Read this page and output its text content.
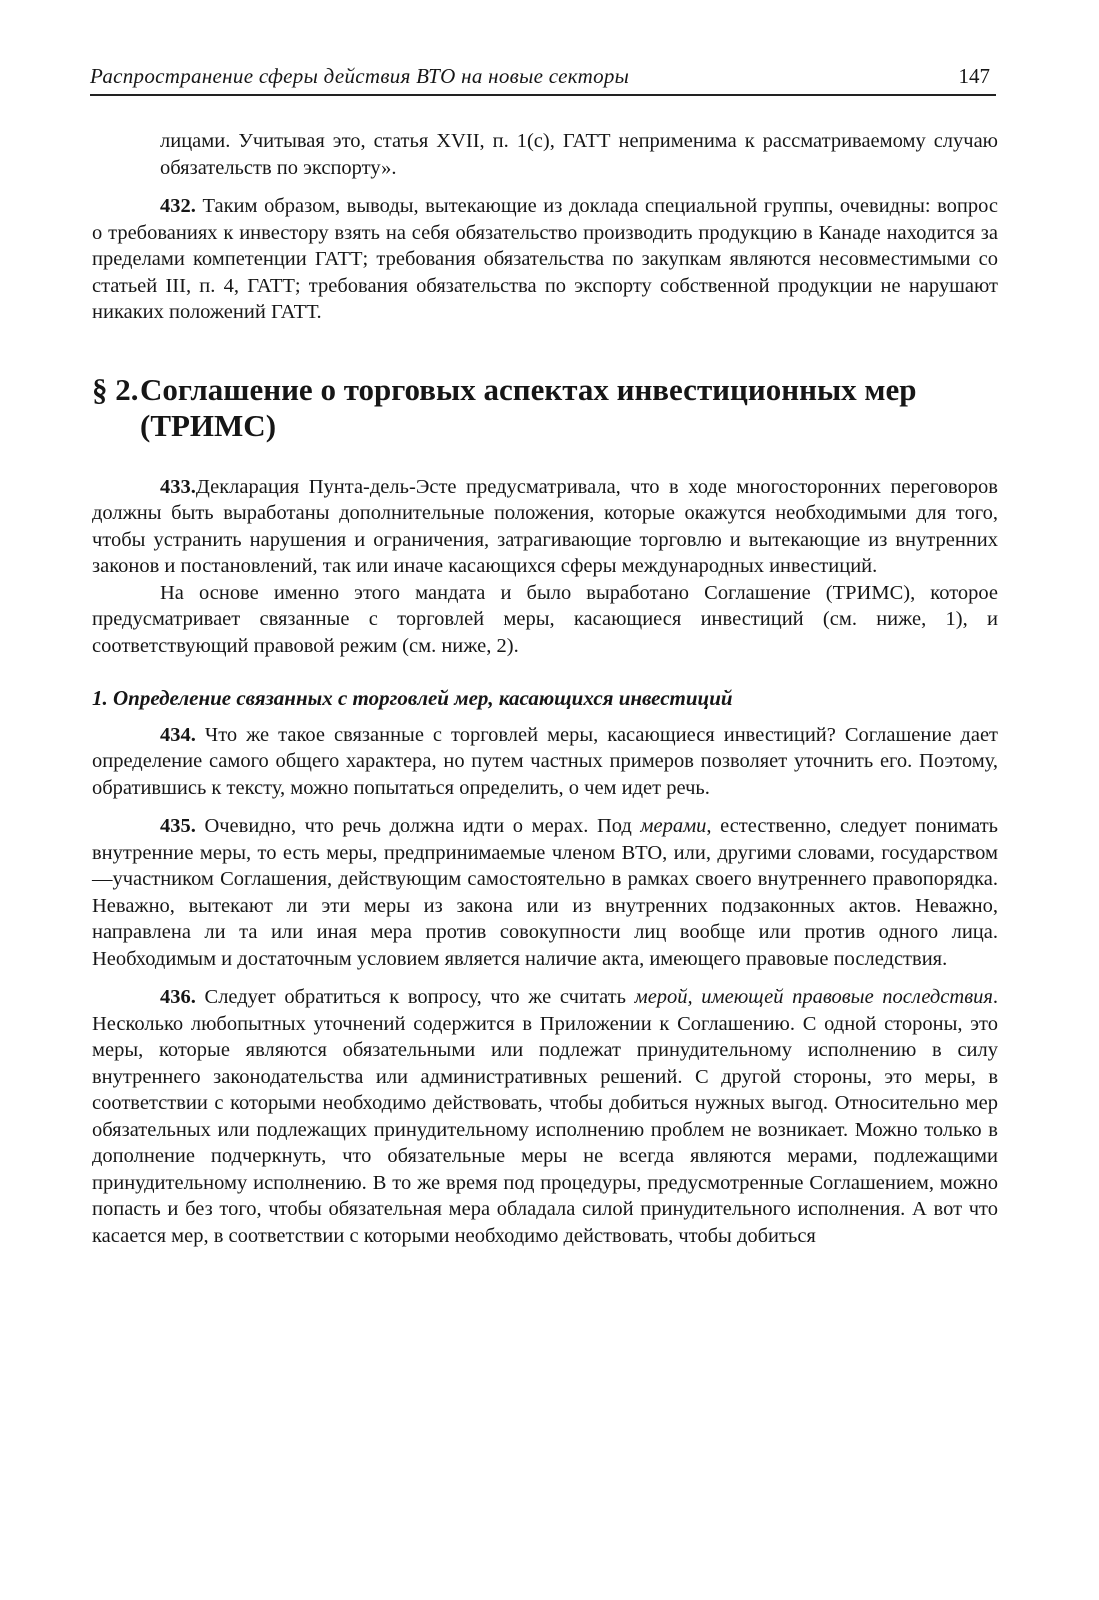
Распространение сферы действия ВТО на новые секторы	147

лицами. Учитывая это, статья XVII, п. 1(с), ГАТТ неприменима к рассматриваемому случаю обязательств по экспорту».

432. Таким образом, выводы, вытекающие из доклада специальной группы, очевидны: вопрос о требованиях к инвестору взять на себя обязательство производить продукцию в Канаде находится за пределами компетенции ГАТТ; требования обязательства по закупкам являются несовместимыми со статьей III, п. 4, ГАТТ; требования обязательства по экспорту собственной продукции не нарушают никаких положений ГАТТ.

§ 2.Соглашение о торговых аспектах инвестиционных мер (ТРИМС)

433.Декларация Пунта-дель-Эсте предусматривала, что в ходе многосторонних переговоров должны быть выработаны дополнительные положения, которые окажутся необходимыми для того, чтобы устранить нарушения и ограничения, затрагивающие торговлю и вытекающие из внутренних законов и постановлений, так или иначе касающихся сферы международных инвестиций.

На основе именно этого мандата и было выработано Соглашение (ТРИМС), которое предусматривает связанные с торговлей меры, касающиеся инвестиций (см. ниже, 1), и соответствующий правовой режим (см. ниже, 2).

1. Определение связанных с торговлей мер, касающихся инвестиций

434. Что же такое связанные с торговлей меры, касающиеся инвестиций? Соглашение дает определение самого общего характера, но путем частных примеров позволяет уточнить его. Поэтому, обратившись к тексту, можно попытаться определить, о чем идет речь.

435. Очевидно, что речь должна идти о мерах. Под мерами, естественно, следует понимать внутренние меры, то есть меры, предпринимаемые членом ВТО, или, другими словами, государством—участником Соглашения, действующим самостоятельно в рамках своего внутреннего правопорядка. Неважно, вытекают ли эти меры из закона или из внутренних подзаконных актов. Неважно, направлена ли та или иная мера против совокупности лиц вообще или против одного лица. Необходимым и достаточным условием является наличие акта, имеющего правовые последствия.

436. Следует обратиться к вопросу, что же считать мерой, имеющей правовые последствия. Несколько любопытных уточнений содержится в Приложении к Соглашению. С одной стороны, это меры, которые являются обязательными или подлежат принудительному исполнению в силу внутреннего законодательства или административных решений. С другой стороны, это меры, в соответствии с которыми необходимо действовать, чтобы добиться нужных выгод. Относительно мер обязательных или подлежащих принудительному исполнению проблем не возникает. Можно только в дополнение подчеркнуть, что обязательные меры не всегда являются мерами, подлежащими принудительному исполнению. В то же время под процедуры, предусмотренные Соглашением, можно попасть и без того, чтобы обязательная мера обладала силой принудительного исполнения. А вот что касается мер, в соответствии с которыми необходимо действовать, чтобы добиться
